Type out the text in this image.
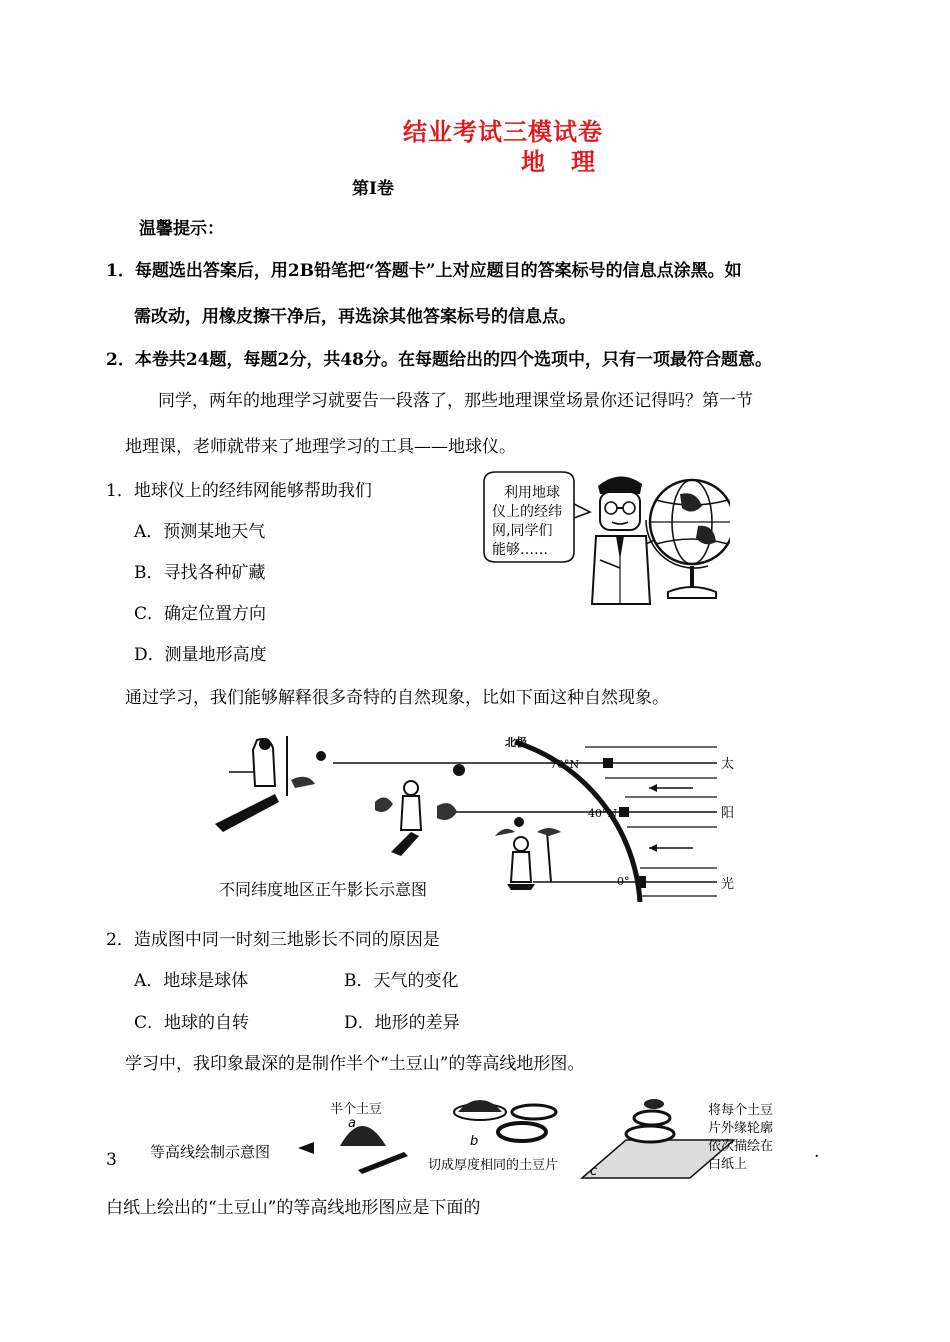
结业考试三模试卷
地　理
第Ⅰ卷
温馨提示：
1．每题选出答案后，用2B铅笔把“答题卡”上对应题目的答案标号的信息点涂黑。如
需改动，用橡皮擦干净后，再选涂其他答案标号的信息点。
2．本卷共24题，每题2分，共48分。在每题给出的四个选项中，只有一项最符合题意。
同学，两年的地理学习就要告一段落了，那些地理课堂场景你还记得吗？第一节
地理课，老师就带来了地理学习的工具——地球仪。
1．地球仪上的经纬网能够帮助我们
A．预测某地天气
B．寻找各种矿藏
C．确定位置方向
D．测量地形高度
利用地球
仪上的经纬
网,同学们
能够……
通过学习，我们能够解释很多奇特的自然现象，比如下面这种自然现象。
北极
70°N
40°N
0°
太
阳
光
不同纬度地区正午影长示意图
2．造成图中同一时刻三地影长不同的原因是
A．地球是球体	B．天气的变化
C．地球的自转	D．地形的差异
学习中，我印象最深的是制作半个“土豆山”的等高线地形图。
3 等高线绘制示意图
半个土豆
a
b
c
切成厚度相同的土豆片
将每个土豆
片外缘轮廓
依次描绘在
白纸上
.
白纸上绘出的“土豆山”的等高线地形图应是下面的
